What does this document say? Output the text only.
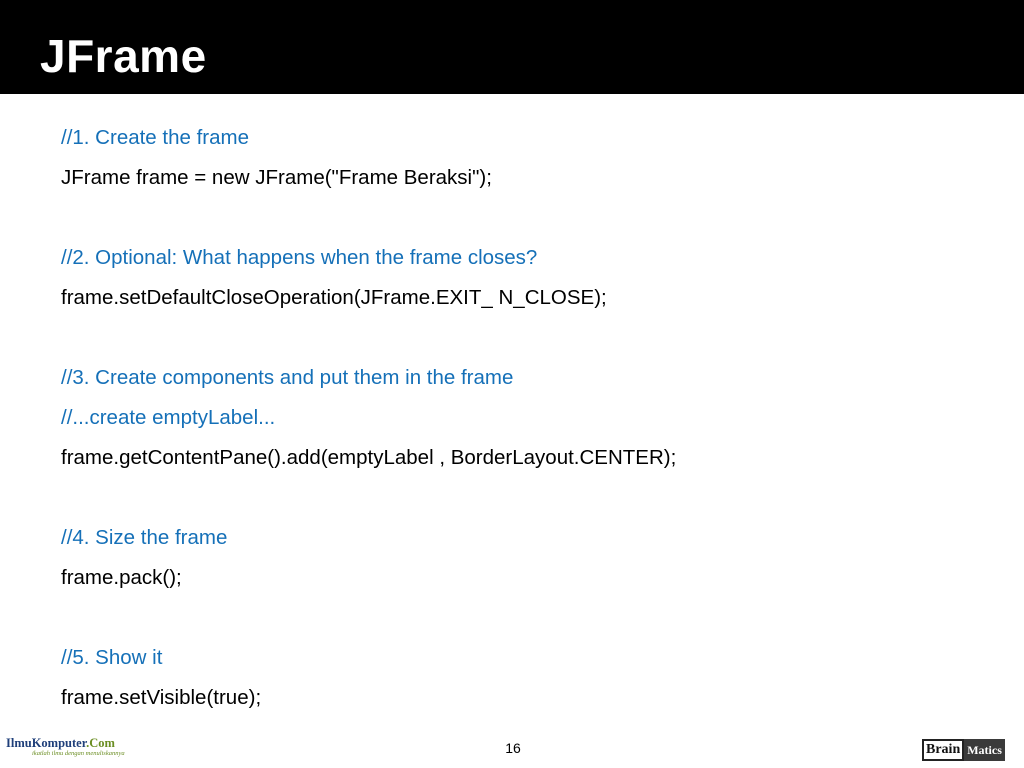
JFrame
//1. Create the frame
JFrame frame = new JFrame("Frame Beraksi");
//2. Optional: What happens when the frame closes?
frame.setDefaultCloseOperation(JFrame.EXIT_ N_CLOSE);
//3. Create components and put them in the frame
//...create emptyLabel...
frame.getContentPane().add(emptyLabel , BorderLayout.CENTER);
//4. Size the frame
frame.pack();
//5. Show it
frame.setVisible(true);
IlmuKomputer.Com
ikatlah ilmu dengan menuliskannya	16	Brain Matics
